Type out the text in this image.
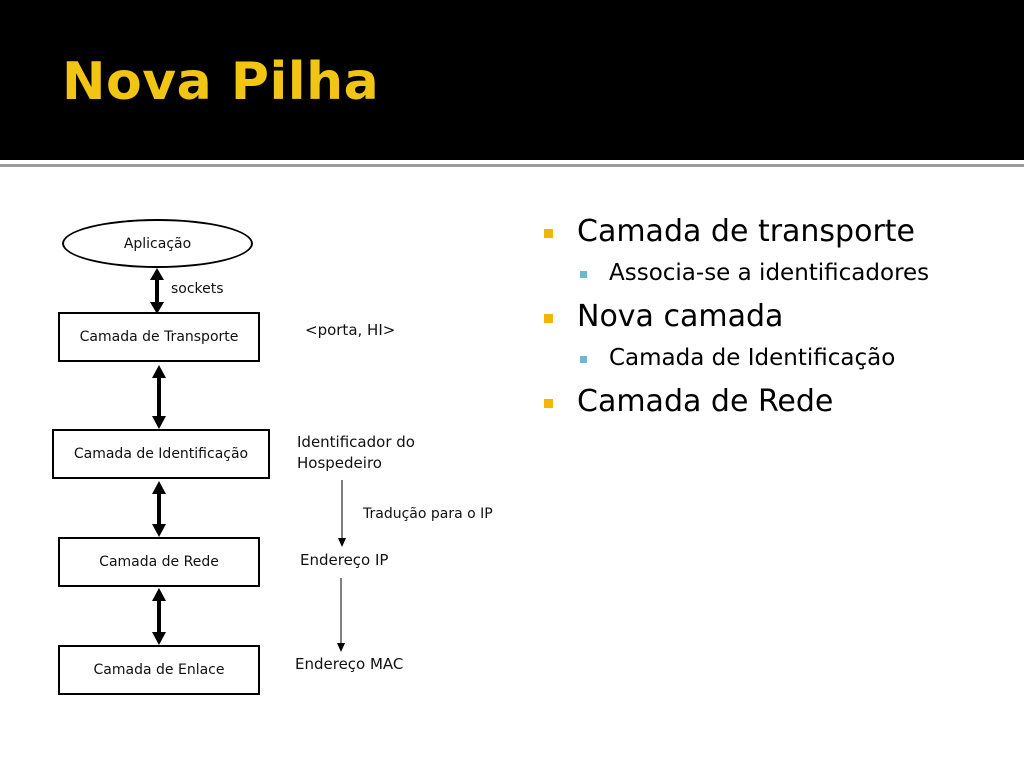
Nova Pilha
Aplicação
sockets
Camada de Transporte	<porta, HI>
Camada de Identificação
Identificador do
Hospedeiro
Tradução para o IP
Camada de Rede	Endereço IP
Camada de Enlace	Endereço MAC
Camada de transporte
Associa-se a identificadores
Nova camada
Camada de Identificação
Camada de Rede
